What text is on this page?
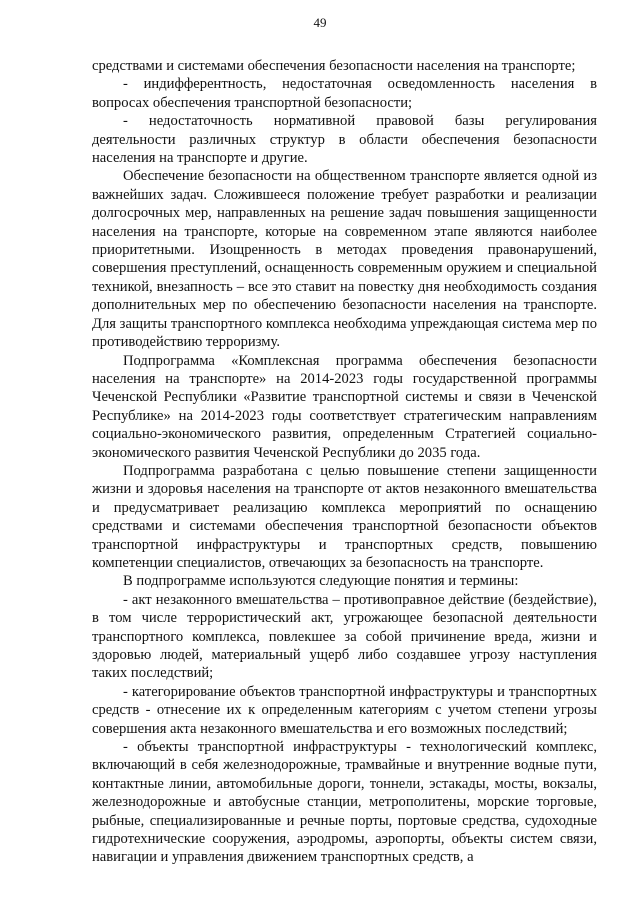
49

средствами и системами обеспечения безопасности населения на транспорте;

- индифферентность, недостаточная осведомленность населения в вопросах обеспечения транспортной безопасности;

- недостаточность нормативной правовой базы регулирования деятельности различных структур в области обеспечения безопасности населения на транспорте и другие.

Обеспечение безопасности на общественном транспорте является одной из важнейших задач. Сложившееся положение требует разработки и реализации долгосрочных мер, направленных на решение задач повышения защищенности населения на транспорте, которые на современном этапе являются наиболее приоритетными. Изощренность в методах проведения правонарушений, совершения преступлений, оснащенность современным оружием и специальной техникой, внезапность – все это ставит на повестку дня необходимость создания дополнительных мер по обеспечению безопасности населения на транспорте. Для защиты транспортного комплекса необходима упреждающая система мер по противодействию терроризму.

Подпрограмма «Комплексная программа обеспечения безопасности населения на транспорте» на 2014-2023 годы государственной программы Чеченской Республики «Развитие транспортной системы и связи в Чеченской Республике» на 2014-2023 годы соответствует стратегическим направлениям социально-экономического развития, определенным Стратегией социально-экономического развития Чеченской Республики до 2035 года.

Подпрограмма разработана с целью повышение степени защищенности жизни и здоровья населения на транспорте от актов незаконного вмешательства и предусматривает реализацию комплекса мероприятий по оснащению средствами и системами обеспечения транспортной безопасности объектов транспортной инфраструктуры и транспортных средств, повышению компетенции специалистов, отвечающих за безопасность на транспорте.

В подпрограмме используются следующие понятия и термины:

- акт незаконного вмешательства – противоправное действие (бездействие), в том числе террористический акт, угрожающее безопасной деятельности транспортного комплекса, повлекшее за собой причинение вреда, жизни и здоровью людей, материальный ущерб либо создавшее угрозу наступления таких последствий;

- категорирование объектов транспортной инфраструктуры и транспортных средств - отнесение их к определенным категориям с учетом степени угрозы совершения акта незаконного вмешательства и его возможных последствий;

- объекты транспортной инфраструктуры - технологический комплекс, включающий в себя железнодорожные, трамвайные и внутренние водные пути, контактные линии, автомобильные дороги, тоннели, эстакады, мосты, вокзалы, железнодорожные и автобусные станции, метрополитены, морские торговые, рыбные, специализированные и речные порты, портовые средства, судоходные гидротехнические сооружения, аэродромы, аэропорты, объекты систем связи, навигации и управления движением транспортных средств, а
